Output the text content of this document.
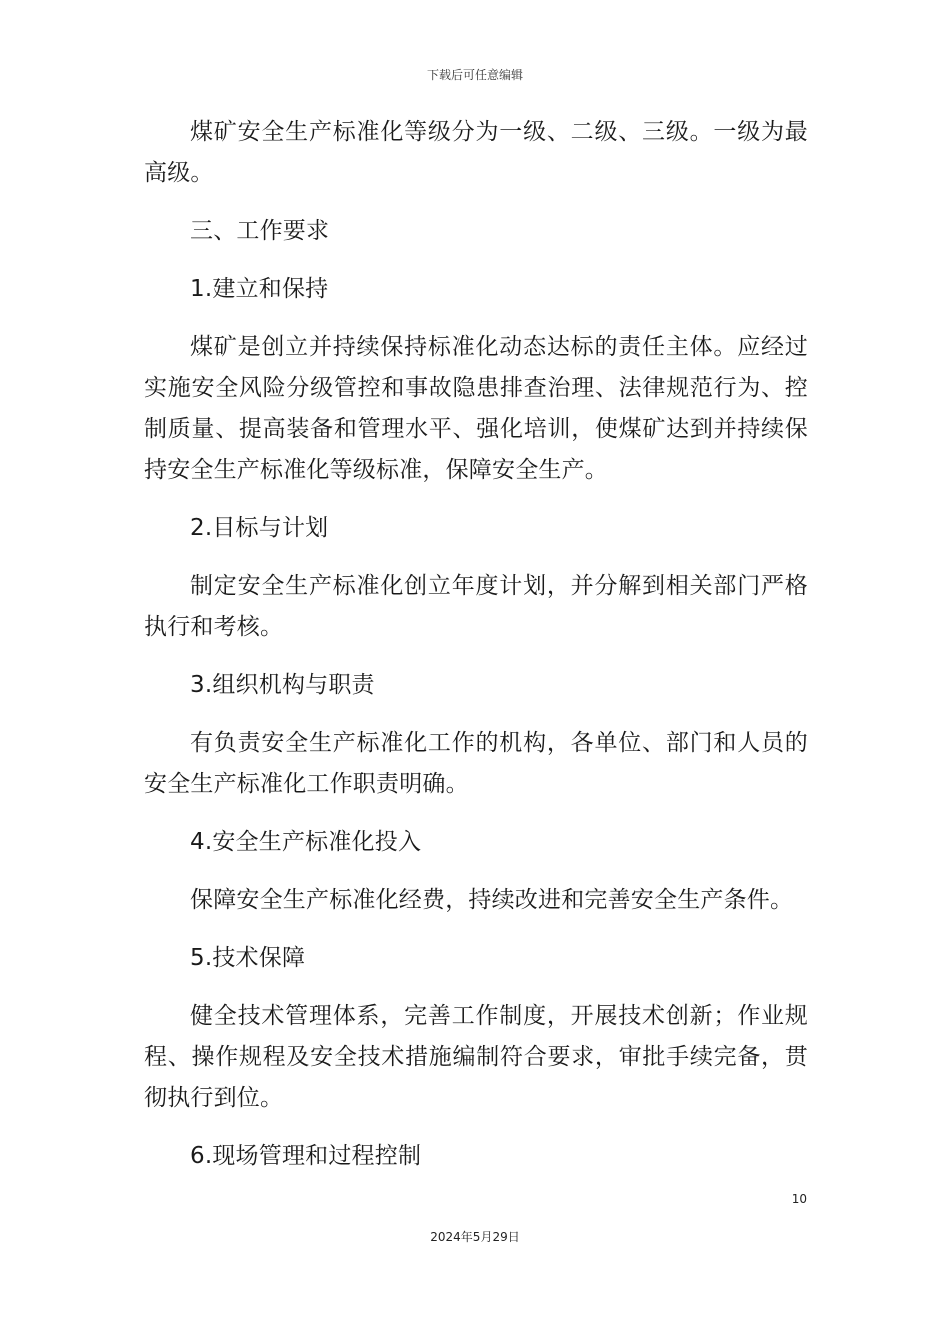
下载后可任意编辑

煤矿安全生产标准化等级分为一级、二级、三级。一级为最高级。

三、工作要求

1.建立和保持

煤矿是创立并持续保持标准化动态达标的责任主体。应经过实施安全风险分级管控和事故隐患排查治理、法律规范行为、控制质量、提高装备和管理水平、强化培训，使煤矿达到并持续保持安全生产标准化等级标准，保障安全生产。

2.目标与计划

制定安全生产标准化创立年度计划，并分解到相关部门严格执行和考核。

3.组织机构与职责

有负责安全生产标准化工作的机构，各单位、部门和人员的安全生产标准化工作职责明确。

4.安全生产标准化投入

保障安全生产标准化经费，持续改进和完善安全生产条件。

5.技术保障

健全技术管理体系，完善工作制度，开展技术创新；作业规程、操作规程及安全技术措施编制符合要求，审批手续完备，贯彻执行到位。

6.现场管理和过程控制

10
2024年5月29日
